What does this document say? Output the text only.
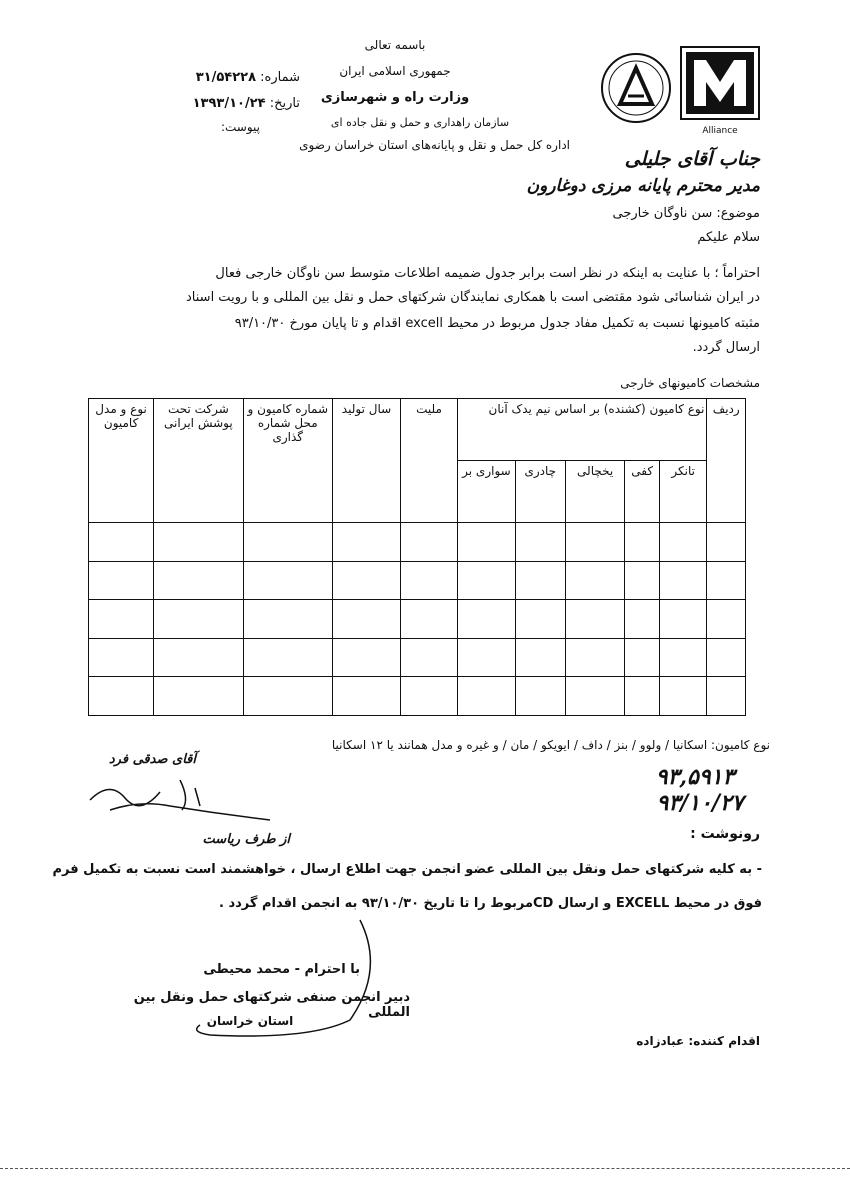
باسمه تعالی
جمهوری اسلامی ایران
وزارت راه و شهرسازی
سازمان راهداری و حمل و نقل جاده ای
اداره کل حمل و نقل و پایانه‌های استان خراسان رضوی
Alliance
شماره: ۳۱/۵۴۲۲۸
تاریخ: ۱۳۹۳/۱۰/۲۴
پیوست:
جناب آقای جلیلی
مدیر محترم پایانه مرزی دوغارون
موضوع: سن ناوگان خارجی
سلام علیکم
احتراماً ؛ با عنایت به اینکه در نظر است برابر جدول ضمیمه اطلاعات متوسط سن ناوگان خارجی فعال
در ایران شناسائی شود مقتضی است با همکاری نمایندگان شرکتهای حمل و نقل بین المللی و با رویت اسناد
مثبته کامیونها نسبت به تکمیل مفاد جدول مربوط در محیط excell اقدام و تا پایان مورخ ۹۳/۱۰/۳۰
ارسال گردد.
مشخصات کامیونهای خارجی
ردیف	نوع کامیون (کشنده) بر اساس نیم یدک آنان					ملیت	سال تولید	شماره کامیون و محل شماره گذاری	شرکت تحت پوشش ایرانی	نوع و مدل کامیون
	تانکر	کفی	یخچالی	چادری	سواری بر					

نوع کامیون: اسکانیا / ولوو / بنز / داف / ایویکو / مان / و غیره و مدل همانند یا ۱۲ اسکانیا
۹۳,۵۹۱۳
۹۳/۱۰/۲۷
آقای صدقی فرد
از طرف ریاست	رونوشت :
- به کلیه شرکتهای حمل ونقل بین المللی عضو انجمن جهت اطلاع ارسال ، خواهشمند است نسبت به تکمیل فرم
فوق در محیط EXCELL و ارسال CDمربوط را تا تاریخ ۹۳/۱۰/۳۰ به انجمن اقدام گردد .
با احترام - محمد محیطی
دبیر انجمن صنفی شرکتهای حمل ونقل بین المللی
استان خراسان
اقدام کننده: عبادزاده
